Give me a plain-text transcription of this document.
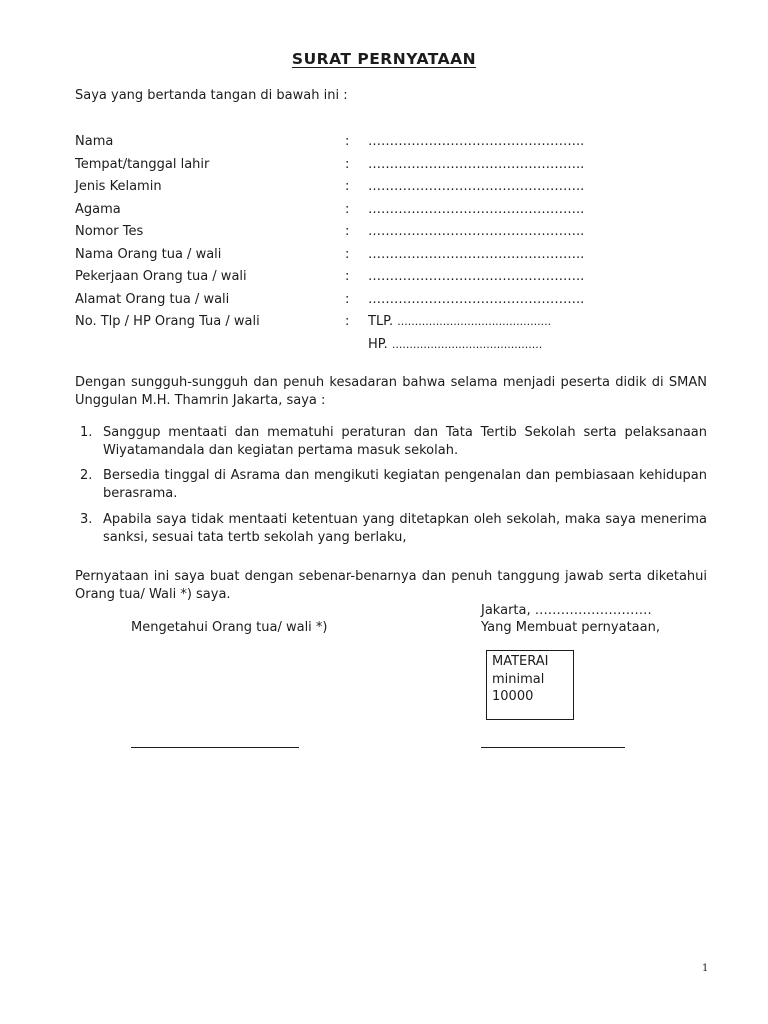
SURAT PERNYATAAN
Saya yang bertanda tangan di bawah ini :
Nama	: …………………………………………..
Tempat/tanggal lahir	: …………………………………………..
Jenis Kelamin	: …………………………………………..
Agama	: …………………………………………..
Nomor Tes	: …………………………………………..
Nama Orang tua / wali	: …………………………………………..
Pekerjaan Orang tua / wali	: …………………………………………..
Alamat Orang tua / wali	: …………………………………………..
No. Tlp / HP Orang Tua / wali	: TLP. ............................................
HP. ...........................................
Dengan sungguh-sungguh dan penuh kesadaran bahwa selama menjadi peserta didik di SMAN Unggulan M.H. Thamrin Jakarta, saya :
1. Sanggup mentaati dan mematuhi peraturan dan Tata Tertib Sekolah serta pelaksanaan Wiyatamandala dan kegiatan pertama masuk sekolah.
2. Bersedia tinggal di Asrama dan mengikuti kegiatan pengenalan dan pembiasaan kehidupan berasrama.
3. Apabila saya tidak mentaati ketentuan yang ditetapkan oleh sekolah, maka saya menerima sanksi, sesuai tata tertb sekolah yang berlaku,
Pernyataan ini saya buat dengan sebenar-benarnya dan penuh tanggung jawab serta diketahui Orang tua/ Wali *) saya.
Jakarta, ………………………
Mengetahui Orang tua/ wali *)	Yang Membuat pernyataan,
MATERAI
minimal
10000
1
